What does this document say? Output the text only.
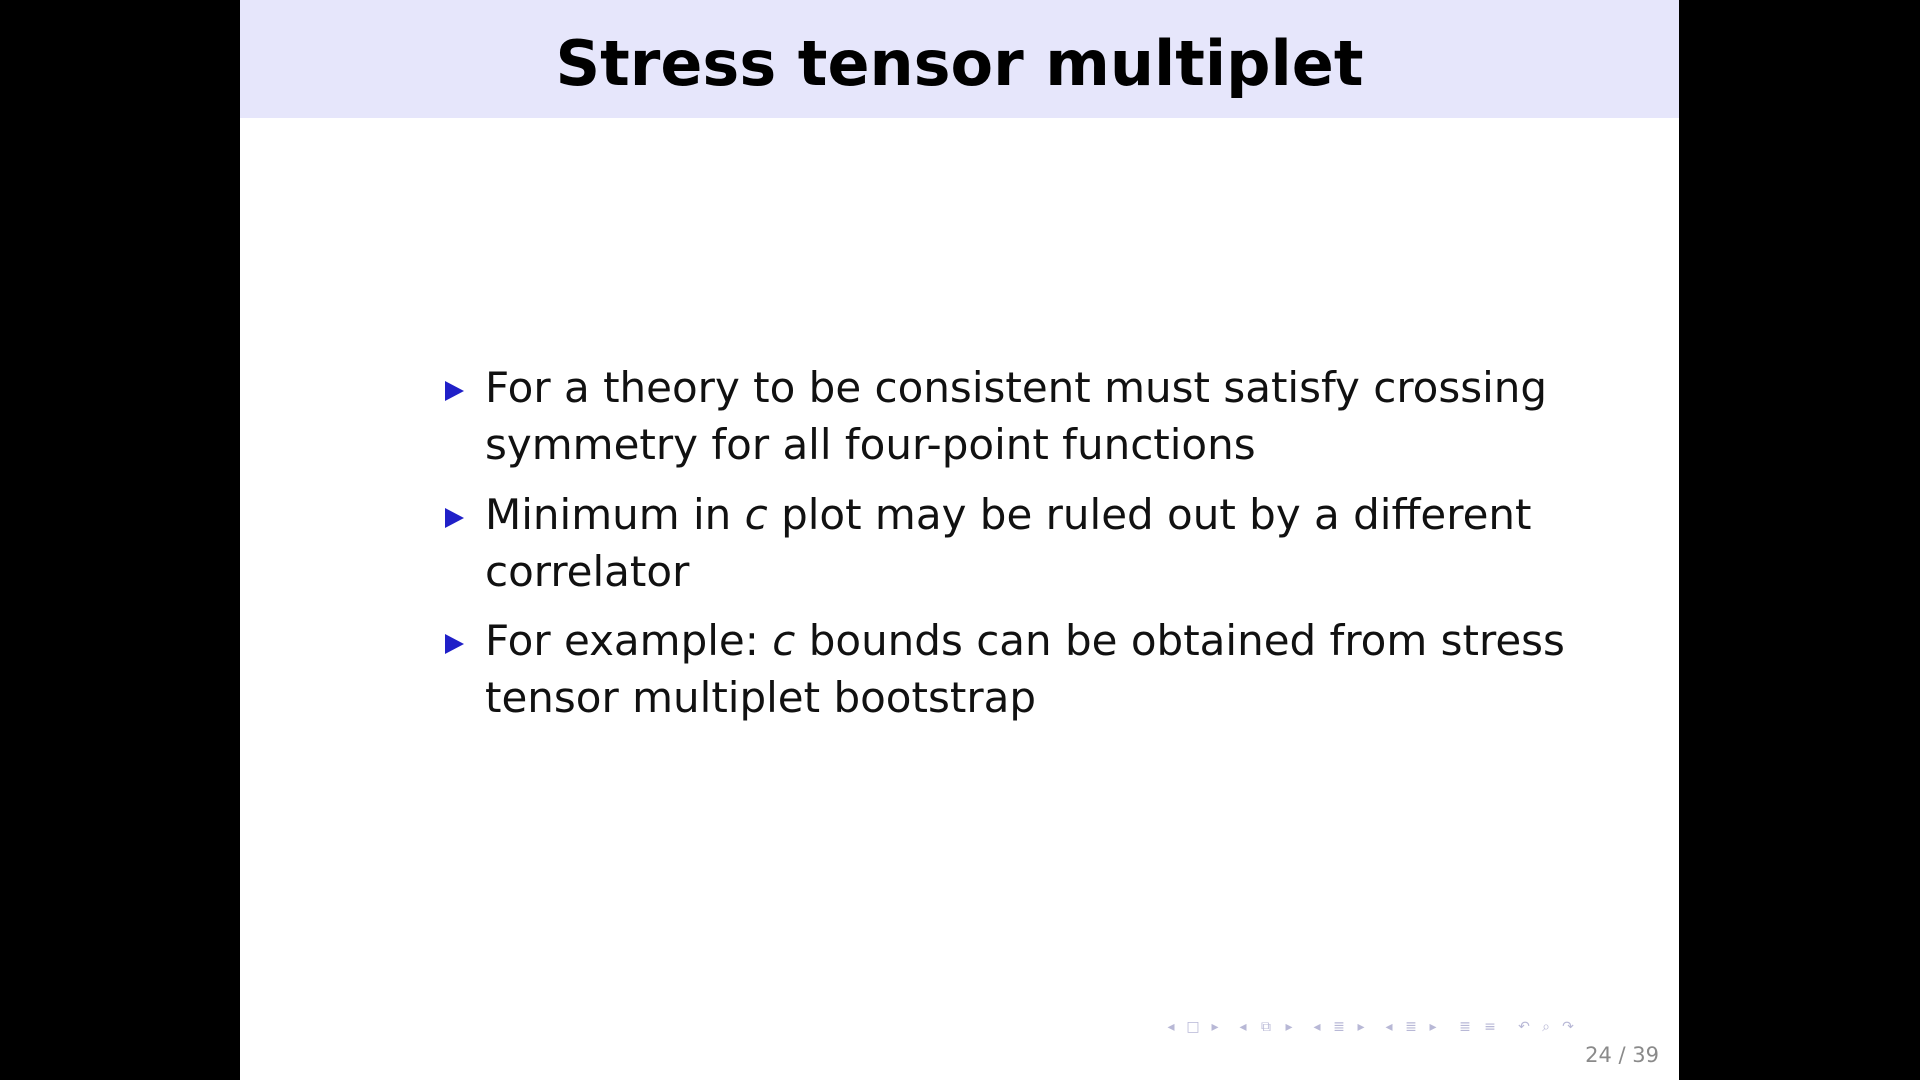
Stress tensor multiplet
For a theory to be consistent must satisfy crossing
symmetry for all four-point functions
Minimum in c plot may be ruled out by a different
correlator
For example: c bounds can be obtained from stress
tensor multiplet bootstrap
◂ □ ▸ ◂	⧉	▸ ◂ ≣ ▸ ◂ ≣ ▸	≣ ≡ ↶ ⌕ ↷
24 / 39
